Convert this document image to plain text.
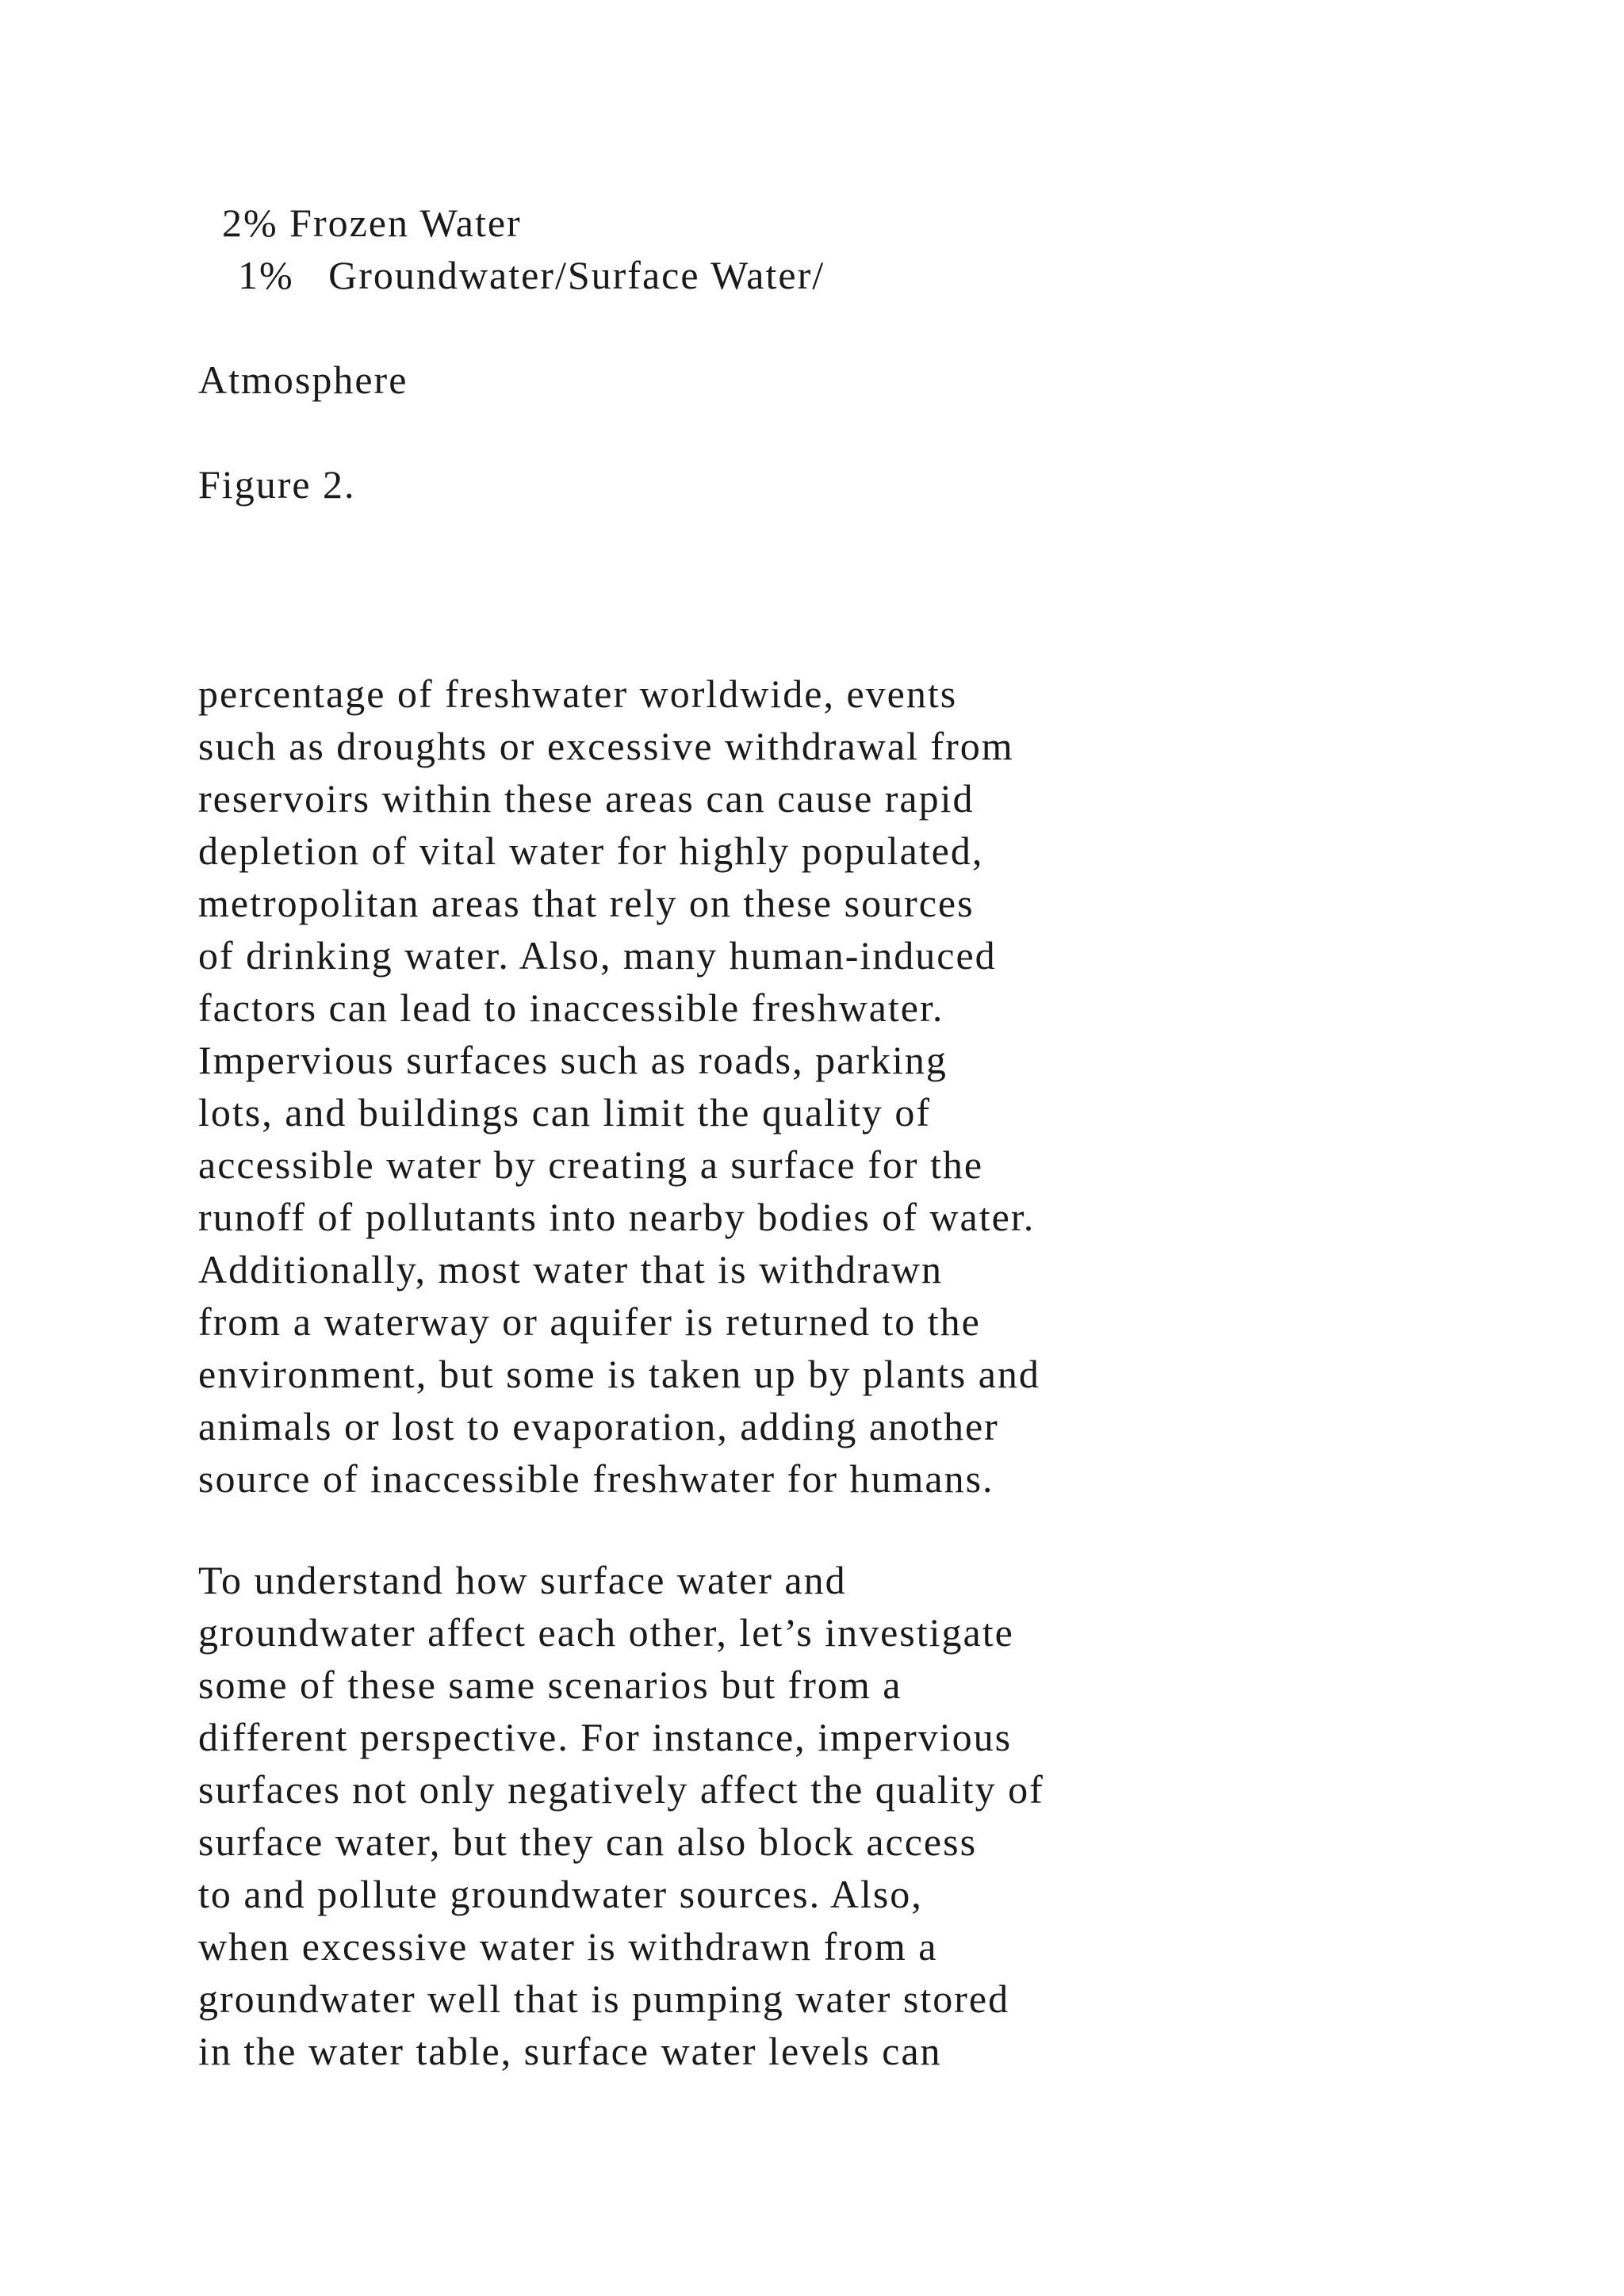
2% Frozen Water
1%   Groundwater/Surface Water/
Atmosphere
Figure 2.
percentage of freshwater worldwide, events
such as droughts or excessive withdrawal from
reservoirs within these areas can cause rapid
depletion of vital water for highly populated,
metropolitan areas that rely on these sources
of drinking water. Also, many human-induced
factors can lead to inaccessible freshwater.
Impervious surfaces such as roads, parking
lots, and buildings can limit the quality of
accessible water by creating a surface for the
runoff of pollutants into nearby bodies of water.
Additionally, most water that is withdrawn
from a waterway or aquifer is returned to the
environment, but some is taken up by plants and
animals or lost to evaporation, adding another
source of inaccessible freshwater for humans.
To understand how surface water and
groundwater affect each other, let’s investigate
some of these same scenarios but from a
different perspective. For instance, impervious
surfaces not only negatively affect the quality of
surface water, but they can also block access
to and pollute groundwater sources. Also,
when excessive water is withdrawn from a
groundwater well that is pumping water stored
in the water table, surface water levels can
